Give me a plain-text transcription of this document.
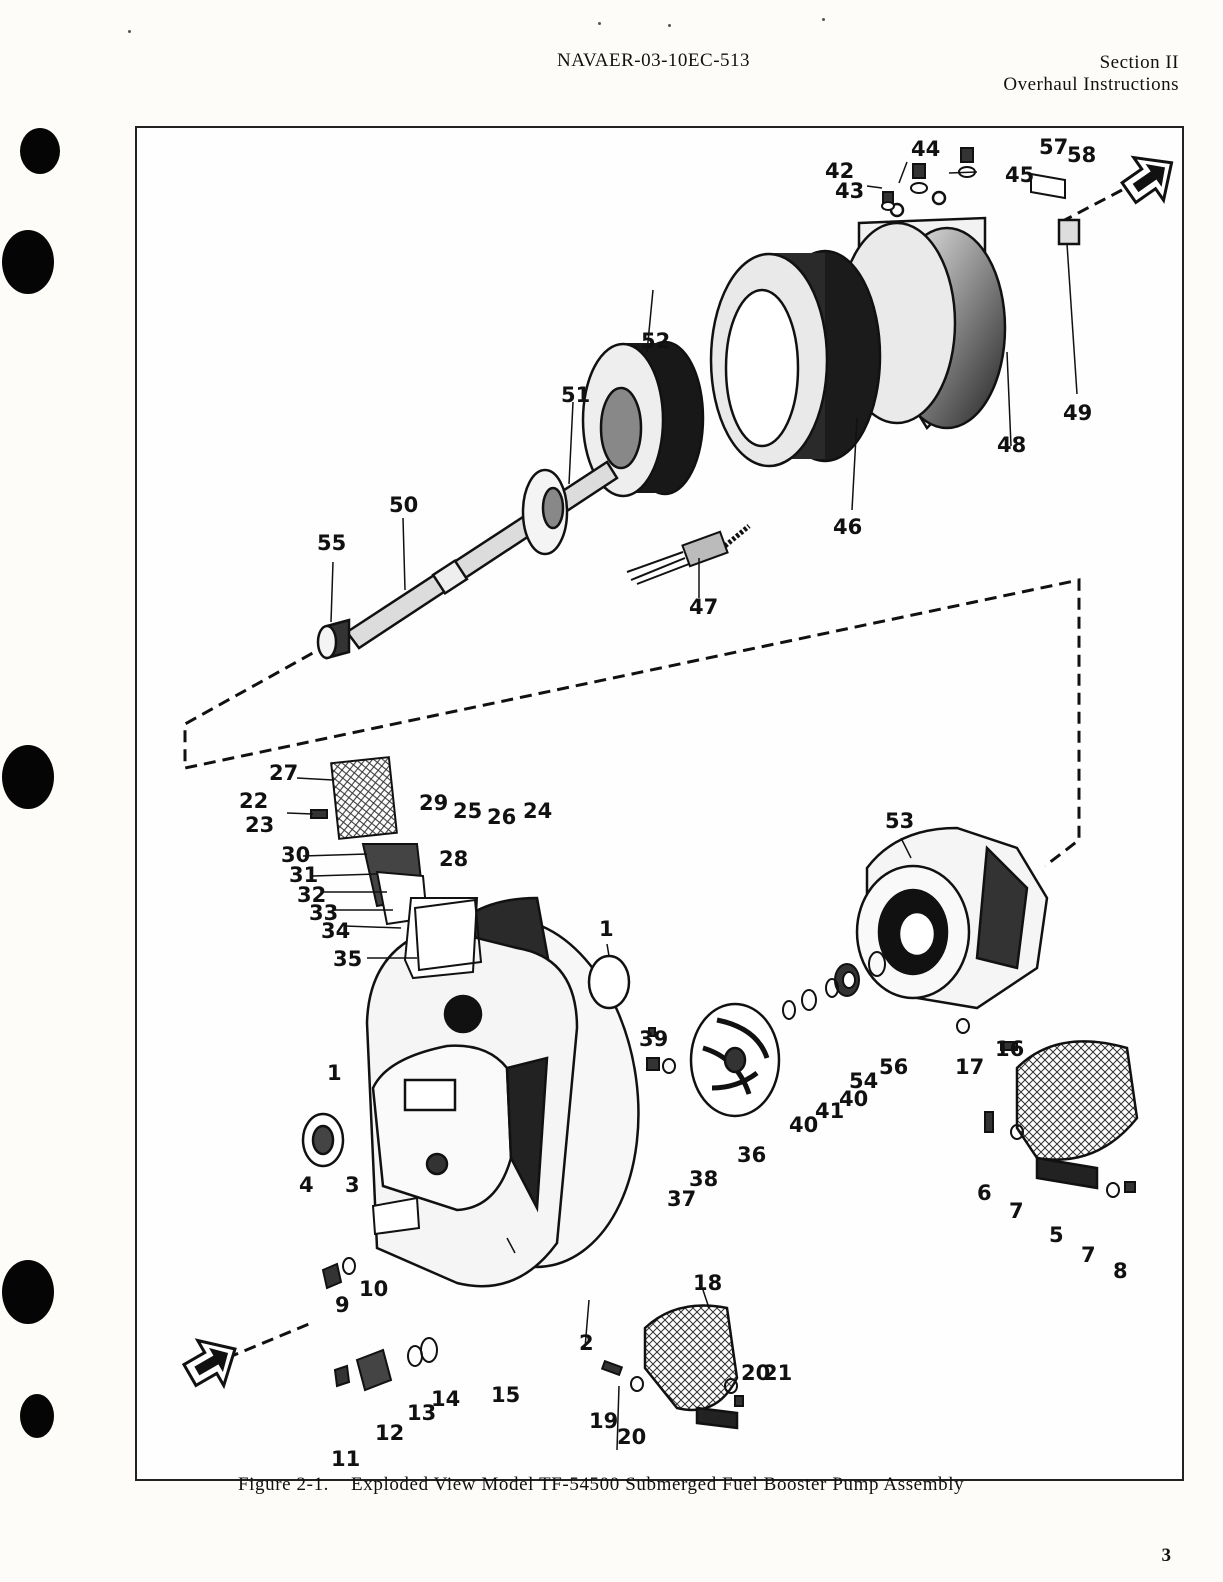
NAVAER-03-10EC-513	Section II
Overhaul Instructions
1
1
2
3
4
5
6
7
7
8
9
10
11
12
13
14 15
16
17
18
19
20
20
21
22
23
24
25 26
27
28
29
30
31
32
33
34
35
36
37
38
39
40
40
41
42
43
44
45
46
47
48
49
50
51
52
53
54
55
56
57
58
Figure 2-1. Exploded View Model TF-54500 Submerged Fuel Booster Pump Assembly
3
